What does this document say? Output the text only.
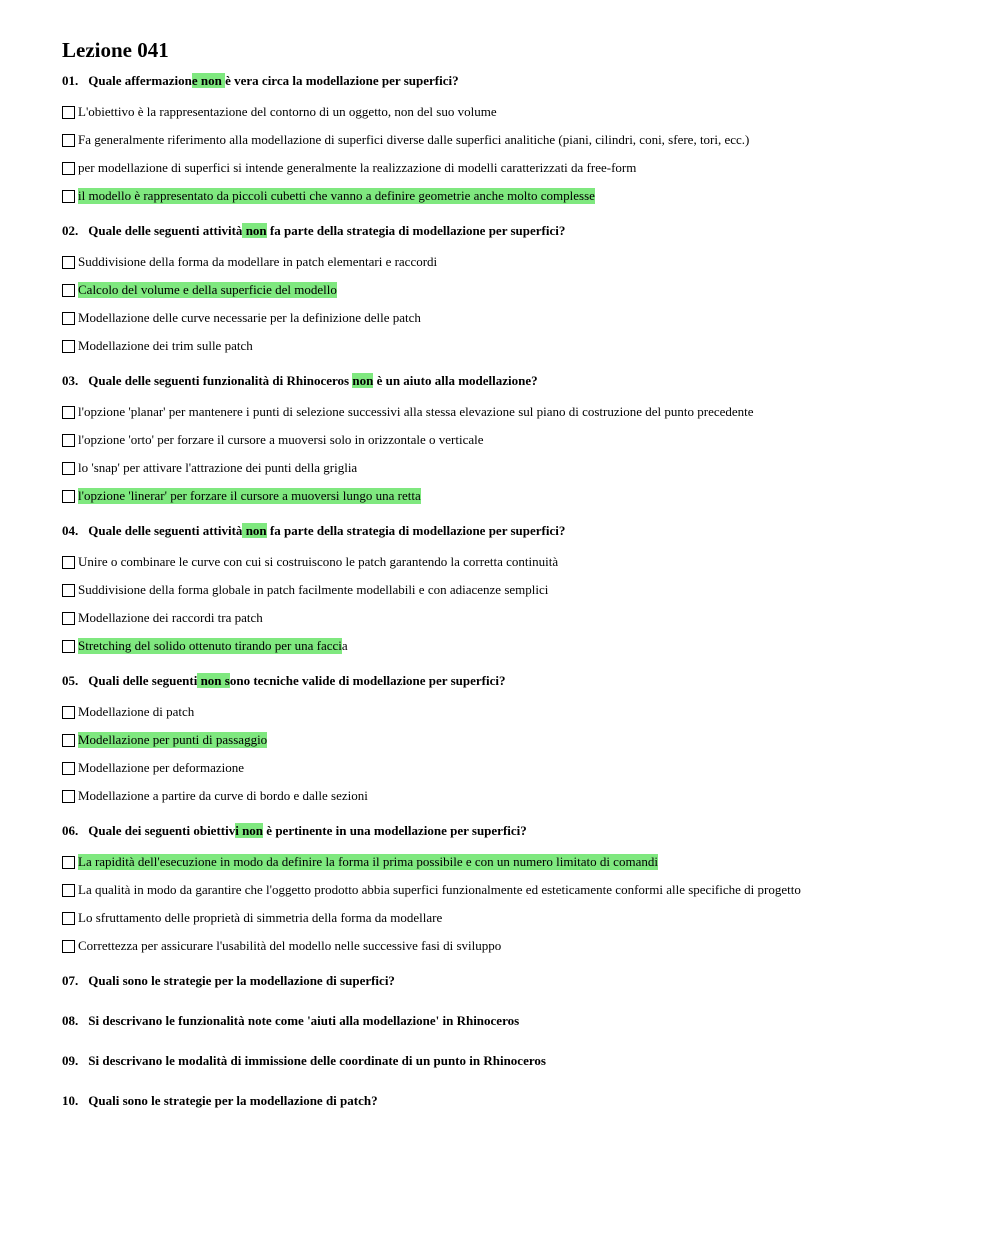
Lezione 041
01. Quale affermazione non è vera circa la modellazione per superfici?
L'obiettivo è la rappresentazione del contorno di un oggetto, non del suo volume
Fa generalmente riferimento alla modellazione di superfici diverse dalle superfici analitiche (piani, cilindri, coni, sfere, tori, ecc.)
per modellazione di superfici si intende generalmente la realizzazione di modelli caratterizzati da free-form
il modello è rappresentato da piccoli cubetti che vanno a definire geometrie anche molto complesse
02. Quale delle seguenti attività non fa parte della strategia di modellazione per superfici?
Suddivisione della forma da modellare in patch elementari e raccordi
Calcolo del volume e della superficie del modello
Modellazione delle curve necessarie per la definizione delle patch
Modellazione dei trim sulle patch
03. Quale delle seguenti funzionalità di Rhinoceros non è un aiuto alla modellazione?
l'opzione 'planar' per mantenere i punti di selezione successivi alla stessa elevazione sul piano di costruzione del punto precedente
l'opzione 'orto' per forzare il cursore a muoversi solo in orizzontale o verticale
lo 'snap' per attivare l'attrazione dei punti della griglia
l'opzione 'linerar' per forzare il cursore a muoversi lungo una retta
04. Quale delle seguenti attività non fa parte della strategia di modellazione per superfici?
Unire o combinare le curve con cui si costruiscono le patch garantendo la corretta continuità
Suddivisione della forma globale in patch facilmente modellabili e con adiacenze semplici
Modellazione dei raccordi tra patch
Stretching del solido ottenuto tirando per una facci a
05. Quali delle seguenti non sono tecniche valide di modellazione per superfici?
Modellazione di patch
Modellazione per punti di passaggio
Modellazione per deformazione
Modellazione a partire da curve di bordo e dalle sezioni
06. Quale dei seguenti obiettivi non è pertinente in una modellazione per superfici?
La rapidità dell'esecuzione in modo da definire la forma il prima possibile e con un numero limitato di comandi
La qualità in modo da garantire che l'oggetto prodotto abbia superfici funzionalmente ed esteticamente conformi alle specifiche di progetto
Lo sfruttamento delle proprietà di simmetria della forma da modellare
Correttezza per assicurare l'usabilità del modello nelle successive fasi di sviluppo
07. Quali sono le strategie per la modellazione di superfici?
08. Si descrivano le funzionalità note come 'aiuti alla modellazione' in Rhinoceros
09. Si descrivano le modalità di immissione delle coordinate di un punto in Rhinoceros
10. Quali sono le strategie per la modellazione di patch?
